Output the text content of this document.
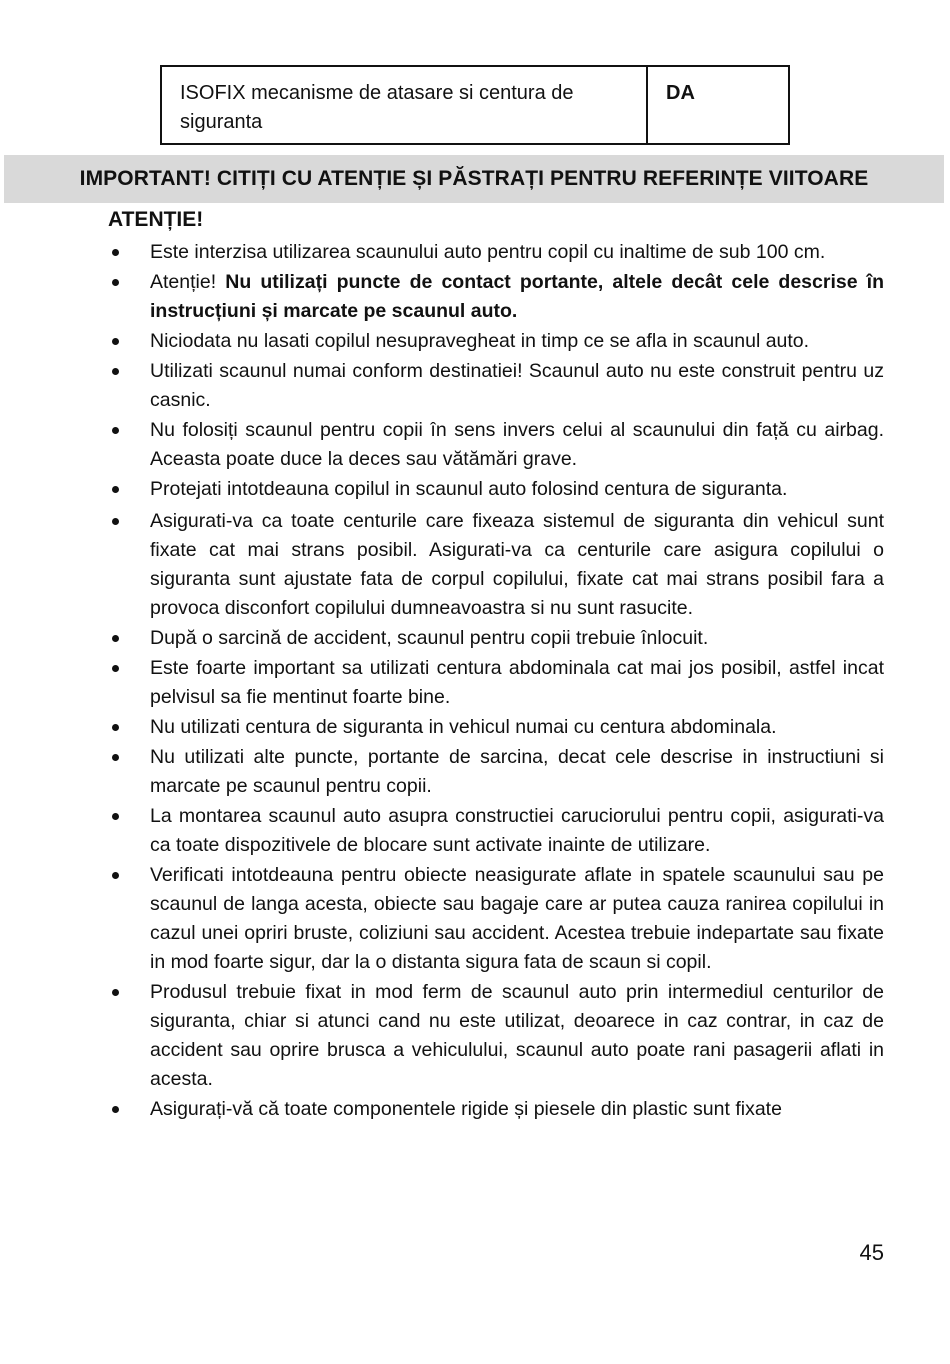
ISOFIX mecanisme de atasare si centura de siguranta
DA
IMPORTANT! CITIȚI CU ATENȚIE ȘI PĂSTRAȚI PENTRU REFERINȚE VIITOARE
ATENȚIE!
Este interzisa utilizarea scaunului auto pentru copil cu inaltime de sub 100 cm.
Atenție! Nu utilizați puncte de contact portante, altele decât cele descrise în instrucțiuni și marcate pe scaunul auto.
Niciodata nu lasati copilul nesupravegheat in timp ce se afla in scaunul auto.
Utilizati scaunul numai conform destinatiei! Scaunul auto nu este construit pentru uz casnic.
Nu folosiți scaunul pentru copii în sens invers celui al scaunului din față cu airbag. Aceasta poate duce la deces sau vătămări grave.
Protejati intotdeauna copilul in scaunul auto folosind centura de siguranta.
Asigurati-va ca toate centurile care fixeaza sistemul de siguranta din vehicul sunt fixate cat mai strans posibil. Asigurati-va ca centurile care asigura copilului o siguranta sunt ajustate fata de corpul copilului, fixate cat mai strans posibil fara a provoca disconfort copilului dumneavoastra si nu sunt rasucite.
După o sarcină de accident, scaunul pentru copii trebuie înlocuit.
Este foarte important sa utilizati centura abdominala cat mai jos posibil, astfel incat pelvisul sa fie mentinut foarte bine.
Nu utilizati centura de siguranta in vehicul numai cu centura abdominala.
Nu utilizati alte puncte, portante de sarcina, decat cele descrise in instructiuni si marcate pe scaunul pentru copii.
La montarea scaunul auto asupra constructiei caruciorului pentru copii, asigurati-va ca toate dispozitivele de blocare sunt activate inainte de utilizare.
Verificati intotdeauna pentru obiecte neasigurate aflate in spatele scaunului sau pe scaunul de langa acesta, obiecte sau bagaje care ar putea cauza ranirea copilului in cazul unei opriri bruste, coliziuni sau accident. Acestea trebuie indepartate sau fixate in mod foarte sigur, dar la o distanta sigura fata de scaun si copil.
Produsul trebuie fixat in mod ferm de scaunul auto prin intermediul centurilor de siguranta, chiar si atunci cand nu este utilizat, deoarece in caz contrar, in caz de accident sau oprire brusca a vehiculului, scaunul auto poate rani pasagerii aflati in acesta.
Asigurați-vă că toate componentele rigide și piesele din plastic sunt fixate
45
